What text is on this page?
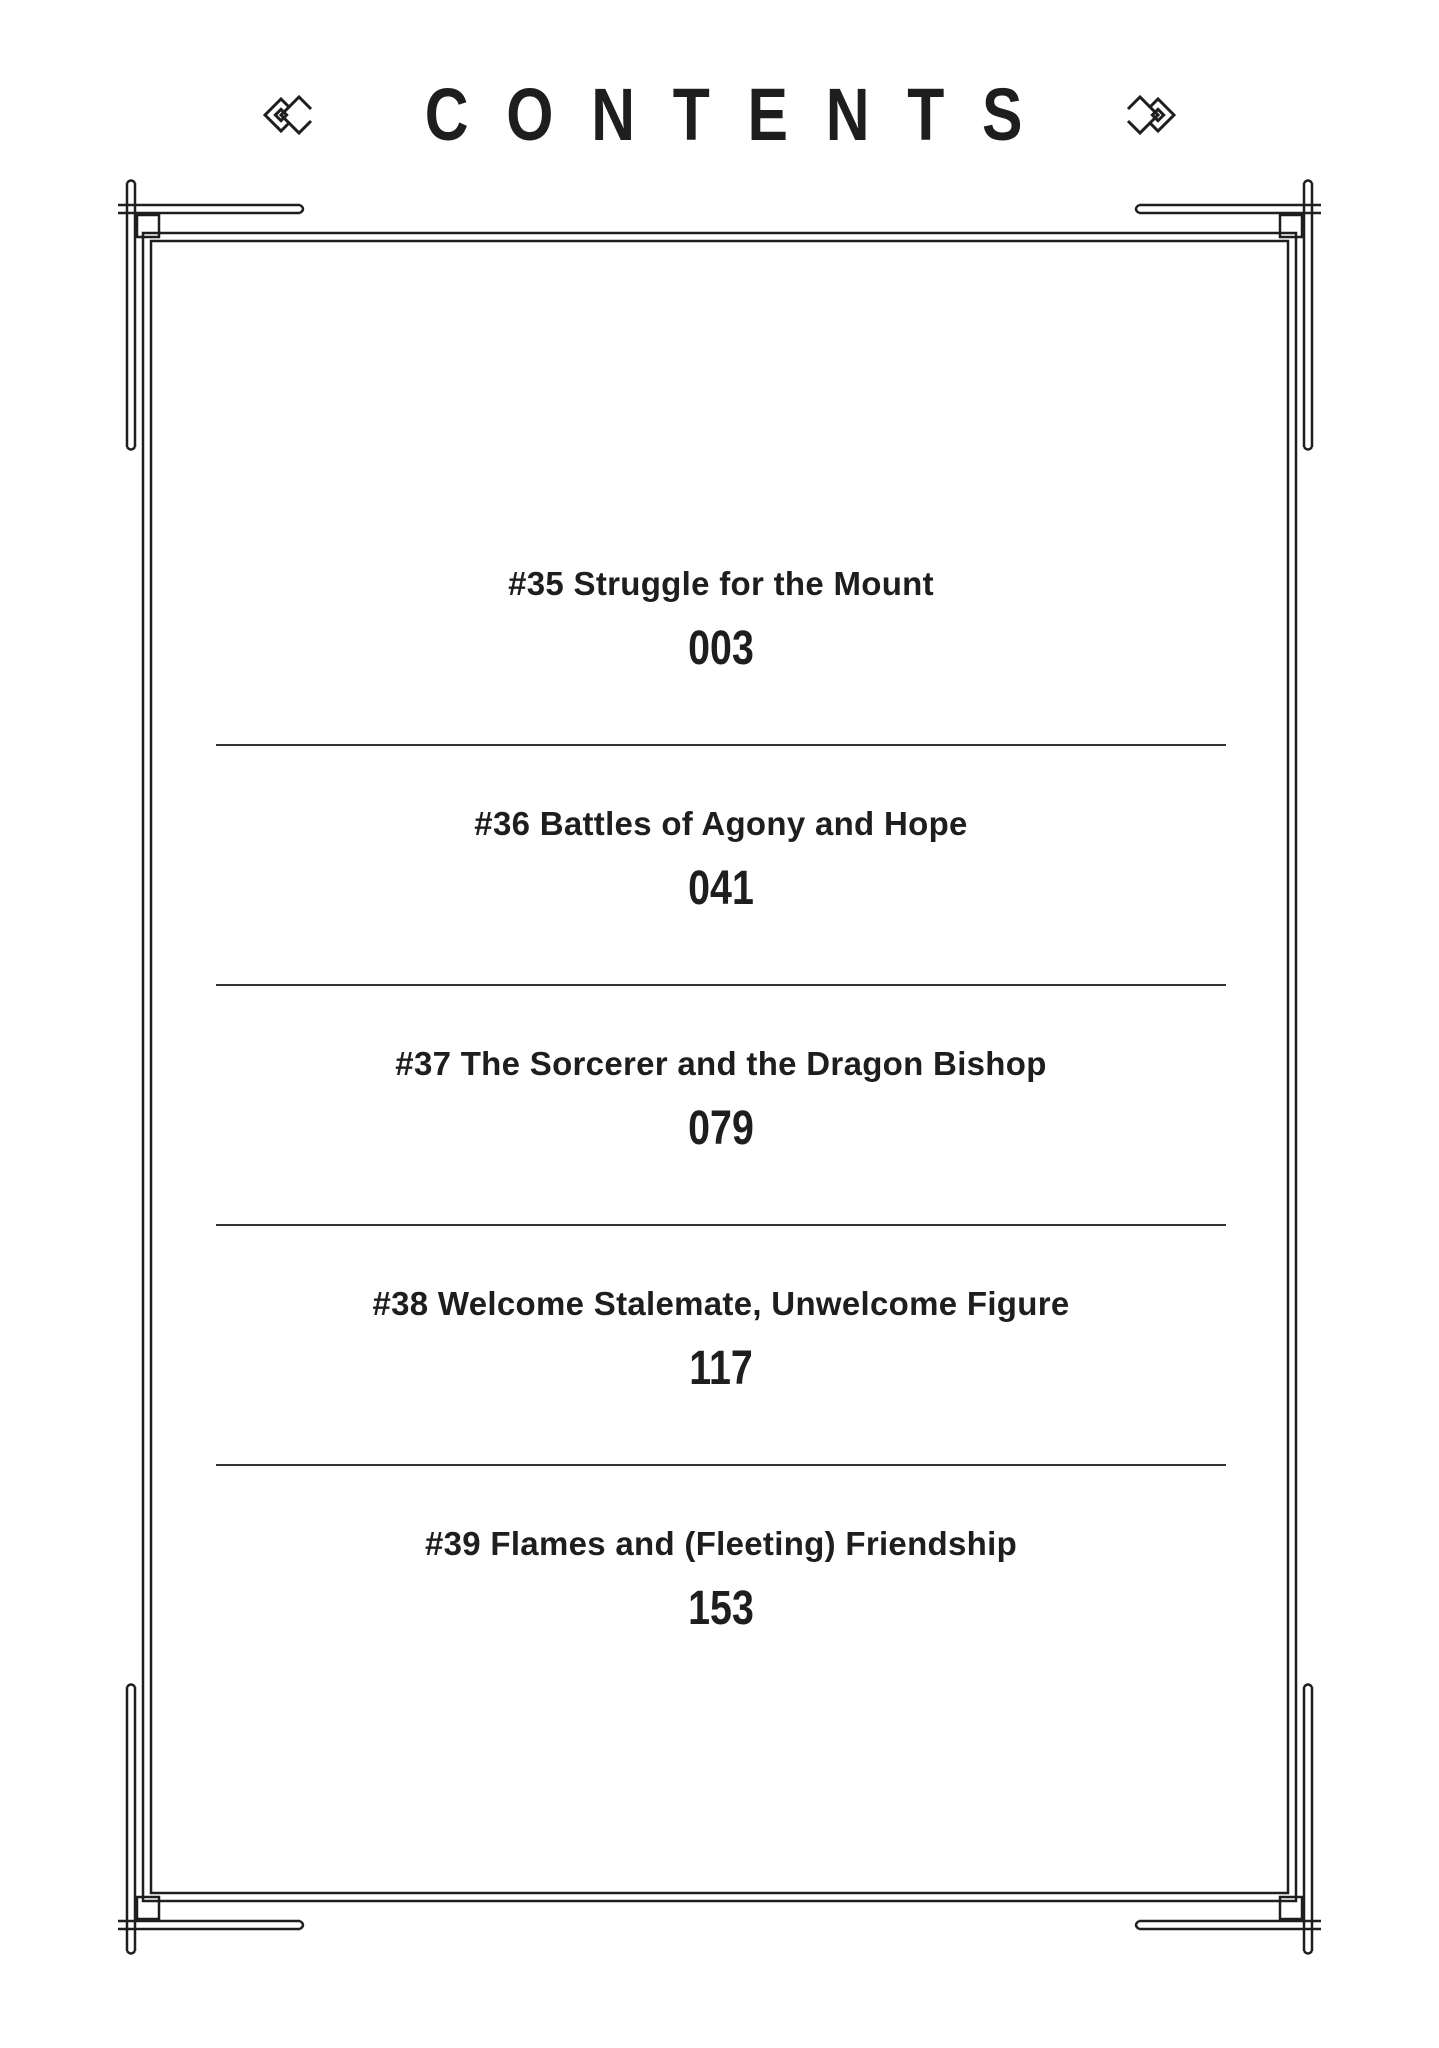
CONTENTS
#35 Struggle for the Mount
003
#36 Battles of Agony and Hope
041
#37 The Sorcerer and the Dragon Bishop
079
#38 Welcome Stalemate, Unwelcome Figure
117
#39 Flames and (Fleeting) Friendship
153
